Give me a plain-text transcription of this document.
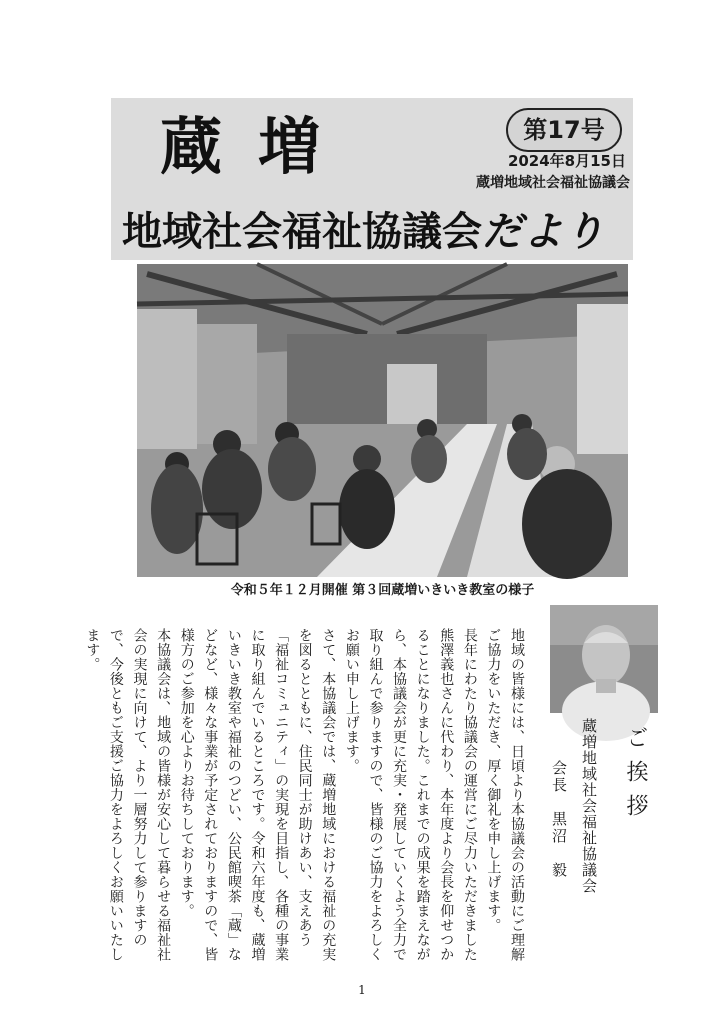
蔵増	第17号
2024年8月15日
蔵増地域社会福祉協議会
地域社会福祉協議会だより
令和５年１２月開催 第３回蔵増いきいき教室の様子

地域の皆様には、日頃より本協議会の活動にご理解ご協力をいただき、厚く御礼を申し上げます。

長年にわたり協議会の運営にご尽力いただきました熊澤義也さんに代わり、本年度より会長を仰せつかることになりました。これまでの成果を踏まえながら、本協議会が更に充実・発展していくよう全力で取り組んで参りますので、皆様のご協力をよろしくお願い申し上げます。

さて、本協議会では、蔵増地域における福祉の充実を図るとともに、住民同士が助けあい、支えあう「福祉コミュニティ」の実現を目指し、各種の事業に取り組んでいるところです。令和六年度も、蔵増いきいき教室や福祉のつどい、公民館喫茶「蔵」などなど、様々な事業が予定されておりますので、皆様方のご参加を心よりお待ちしております。

本協議会は、地域の皆様が安心して暮らせる福祉社会の実現に向けて、より一層努力して参りますので、今後ともご支援ご協力をよろしくお願いいたします。

ご挨拶
蔵増地域社会福祉協議会
会長　黒沼　毅
1
